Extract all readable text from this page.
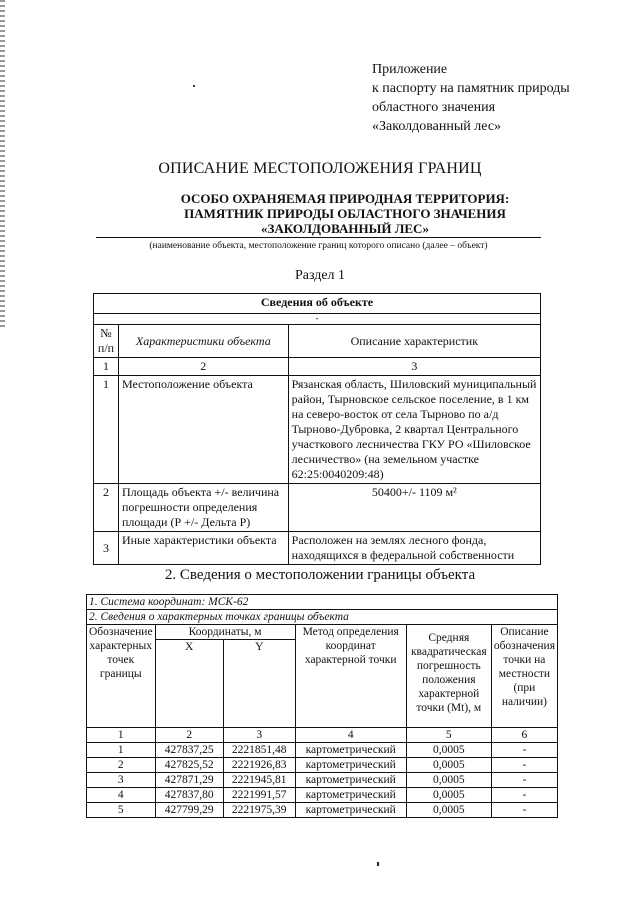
Приложение
к паспорту на памятник природы
областного значения
«Заколдованный лес»
ОПИСАНИЕ МЕСТОПОЛОЖЕНИЯ ГРАНИЦ
ОСОБО ОХРАНЯЕМАЯ ПРИРОДНАЯ ТЕРРИТОРИЯ:
ПАМЯТНИК ПРИРОДЫ ОБЛАСТНОГО ЗНАЧЕНИЯ
«ЗАКОЛДОВАННЫЙ ЛЕС»
(наименование объекта, местоположение границ которого описано (далее – объект)
Раздел 1
Сведения об объекте		
-		
№ п/п	Характеристики объекта	Описание характеристик
1	2	3
1	Местоположение объекта	Рязанская область, Шиловский муниципальный район, Тырновское сельское поселение, в 1 км на северо-восток от села Тырново по а/д Тырново-Дубровка, 2 квартал Центрального участкового лесничества ГКУ РО «Шиловское лесничество» (на земельном участке 62:25:0040209:48)
2	Площадь объекта +/- величина погрешности определения площади (Р +/- Дельта Р)	50400+/- 1109 м²
3	Иные характеристики объекта	Расположен на землях лесного фонда, находящихся в федеральной собственности
2. Сведения о местоположении границы объекта
1. Система координат: МСК-62					
2. Сведения о характерных точках границы объекта					
Обозначение характерных точек границы	Координаты, м		Метод определения координат характерной точки	Средняя квадратическая погрешность положения характерной точки (Mt), м	Описание обозначения точки на местности (при наличии)
	X	Y			
1	2	3	4	5	6
1	427837,25	2221851,48	картометрический	0,0005	-
2	427825,52	2221926,83	картометрический	0,0005	-
3	427871,29	2221945,81	картометрический	0,0005	-
4	427837,80	2221991,57	картометрический	0,0005	-
5	427799,29	2221975,39	картометрический	0,0005	-
